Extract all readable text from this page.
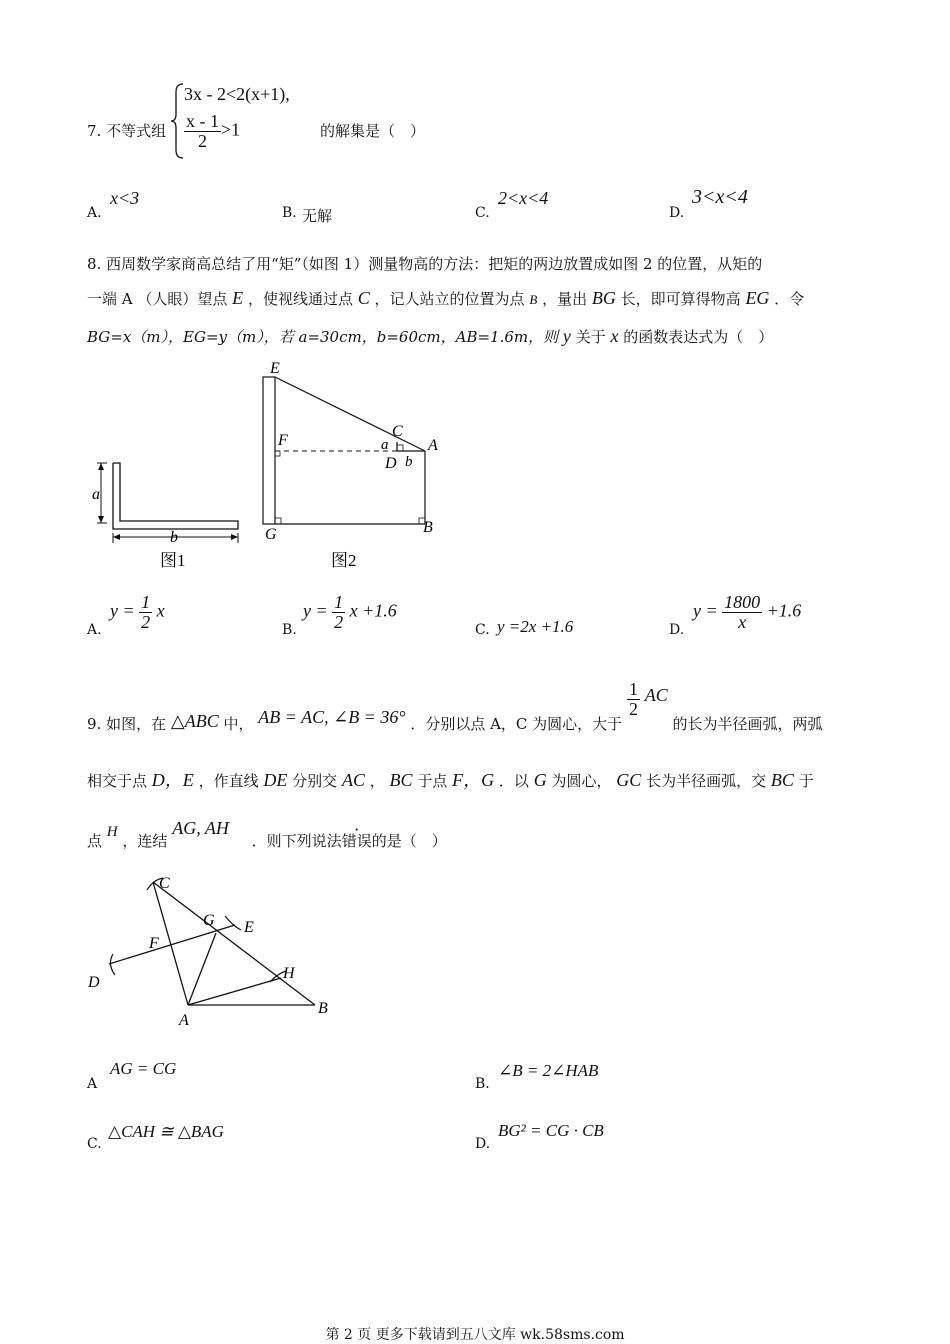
7. 不等式组
3x - 2<2(x+1),
$\frac{x - 1}{2} >1$	的解集是（　）
A.
x<3
B. 无解	C.
2<x<4
D.
3<x<4
8. 西周数学家商高总结了用“矩”（如图 1）测量物高的方法：把矩的两边放置成如图 2 的位置，从矩的
一端 A （人眼）望点 E ，使视线通过点 C ，记人站立的位置为点 B ，量出 BG 长，即可算得物高 EG ．令
BG=x（m），EG=y（m），若 a=30cm，b=60cm，AB=1.6m，则 y 关于 x 的函数表达式为（　）
a
b
图1
E
F
C
a A
D b
G	B
图2
A.
$y = \frac{1}{2}$ x
B.
$y = \frac{1}{2}$ x +1.6
C. y =2x +1.6	D.
$y = \frac{1800}{x} +1.6$
9. 如图，在 △ABC 中， AB = AC, ∠B = 36° ．分别以点 A，C 为圆心，大于
$\frac{1}{2}$ AC 的长为半径画弧，两弧
相交于点 D，E ，作直线 DE 分别交 AC ， BC 于点 F，G ．以 G 为圆心， GC 长为半径画弧，交 BC 于
点 H ，连结 AG, AH ．则下列说法错误的是（　）
C
G E
F
H
D
A
B
A
AG = CG
B.
∠B = 2∠HAB
C.
△CAH ≅ △BAG
D.
BG² = CG · CB
第 2 页 更多下载请到五八文库 wk.58sms.com
